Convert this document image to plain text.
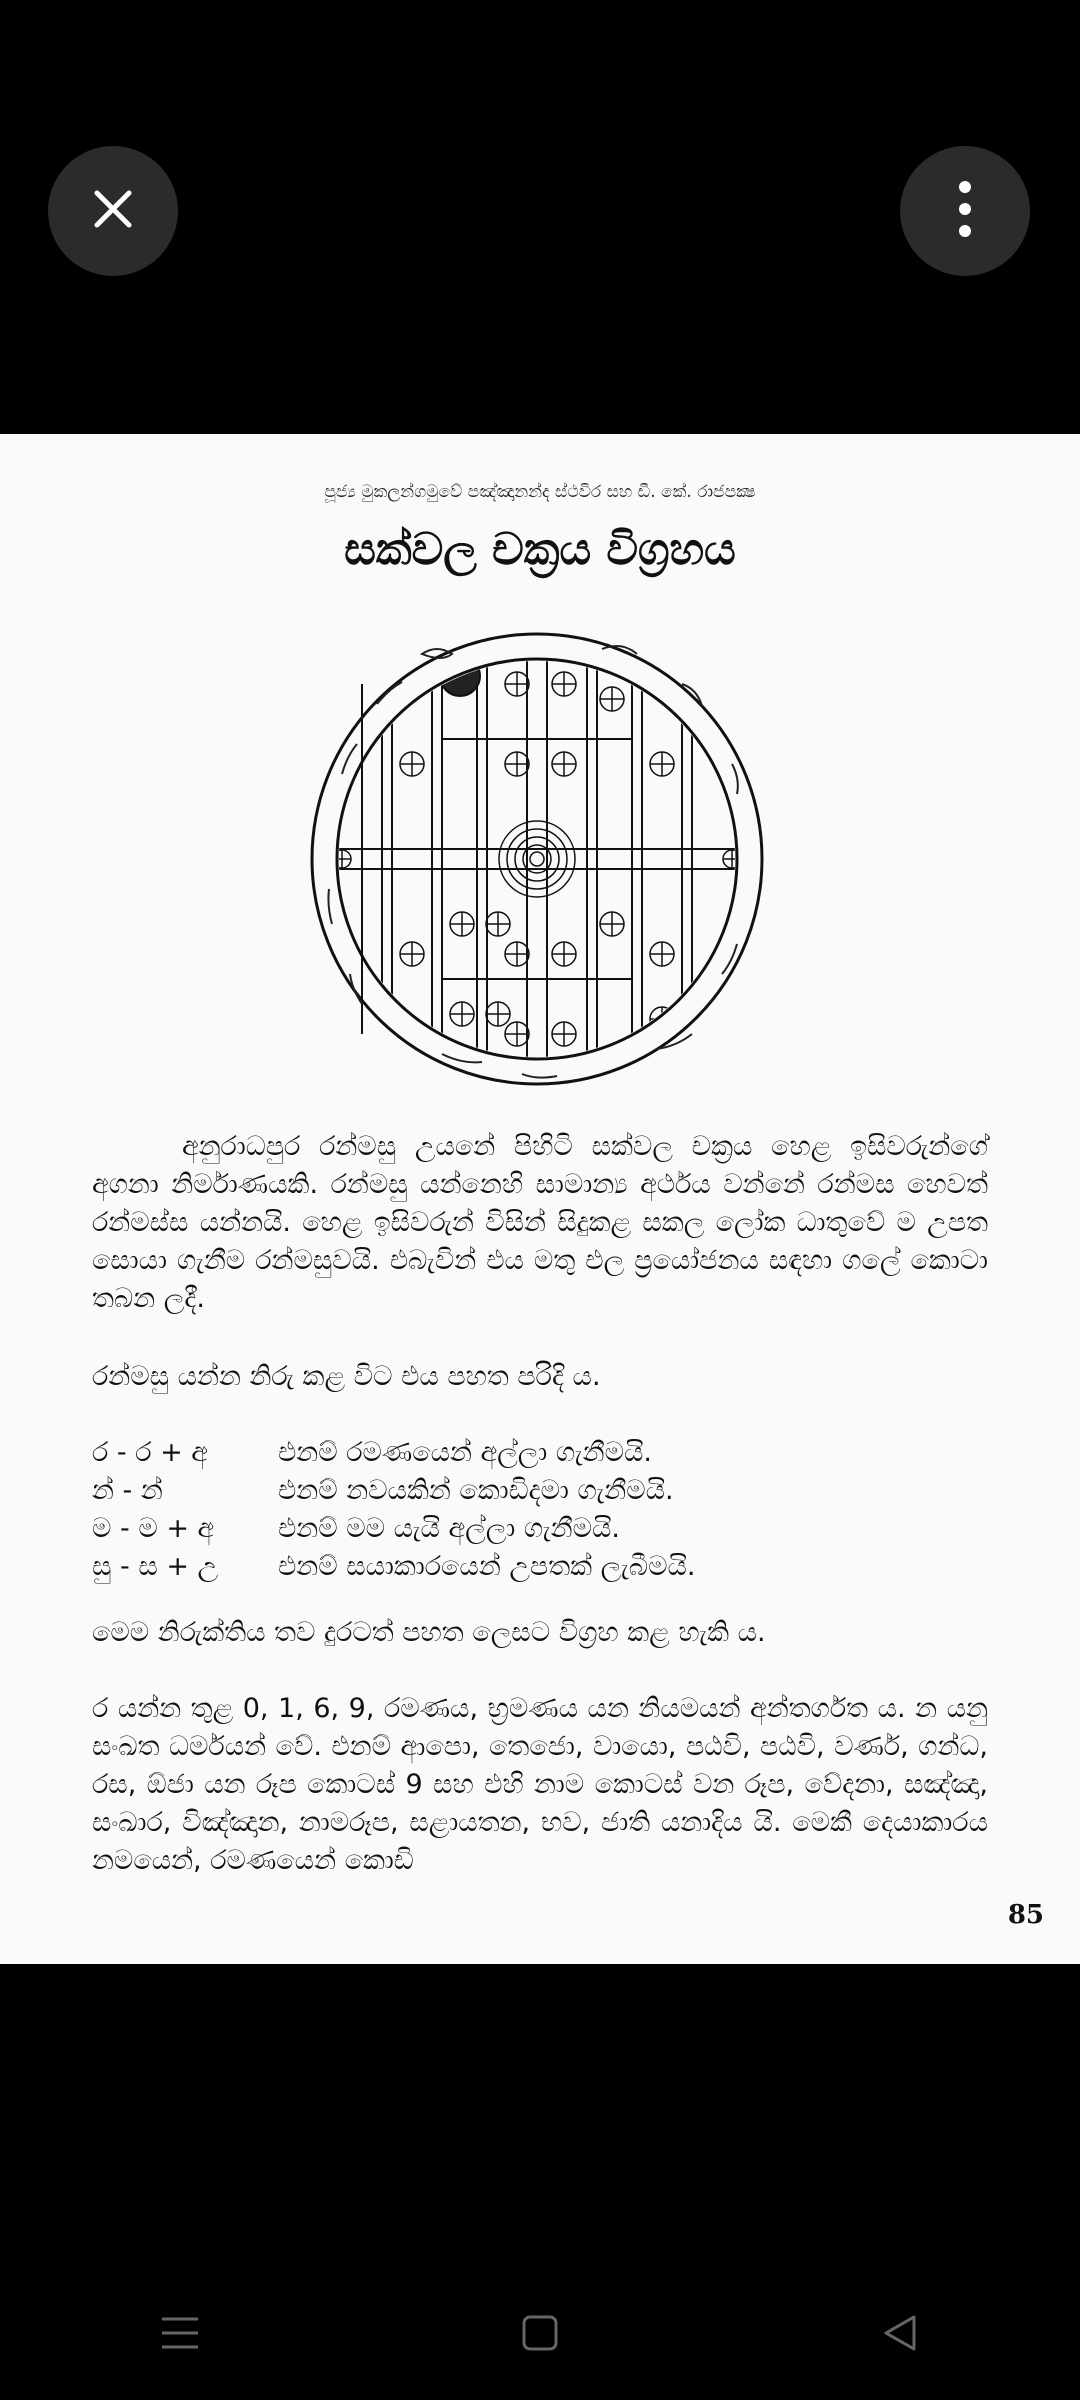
පූජ්‍ය මුකලන්ගමුවේ පඤ්ඤානන්ද ස්ථවිර සහ ඩී. කේ. රාජපක්‍ෂ
සක්වල චක්‍රය විග්‍රහය
අනුරාධපුර රන්මසු උයනේ පිහිටි සක්වල චක්‍රය හෙළ ඉසිවරුන්ගේ අගනා නිර්මාණයකි. රන්මසු යන්නෙහි සාමාන්‍ය අර්ථය වන්නේ රන්මස හෙවත් රන්මස්ස යන්නයි. හෙළ ඉසිවරුන් විසින් සිදුකළ සකල ලෝක ධාතුවේ ම උපත සොයා ගැනීම රන්මසුවයි. එබැවින් එය මතු එල ප්‍රයෝජනය සඳහා ගලේ කොටා තබන ලදී.
රන්මසු යන්න නිරු කළ විට එය පහත පරිදි ය.
ර - ර + අ	එනම් රමණයෙන් අල්ලා ගැනීමයි.
න් - න්	එනම් නවයකින් කොඩිදමා ගැනීමයි.
ම - ම + අ	එනම් මම යැයි අල්ලා ගැනීමයි.
සු - ස + උ	එනම් සයාකාරයෙන් උපතක් ලැබීමයි.
මෙම නිරුක්තිය තව දුරටත් පහත ලෙසට විග්‍රහ කළ හැකි ය.
ර යන්න තුළ 0, 1, 6, 9, රමණය, භ්‍රමණය යන නියමයන් අන්තර්ගත ය. න යනු සංඛත ධර්මයන් වේ. එනම් ආපො, තෙජො, වායො, පඨවි, පඨවි, වර්ණ, ගන්ධ, රස, ඕජා යන රූප කොටස් 9 සහ එහි නාම කොටස් වන රූප, වේදනා, සඤ්ඤා, සංඛාර, විඤ්ඤාන, නාමරූප, සළායතන, භව, ජාති යනාදිය යි. මෙකී දෙයාකාරය නමයෙන්, රමණයෙන් කොඩි
85
